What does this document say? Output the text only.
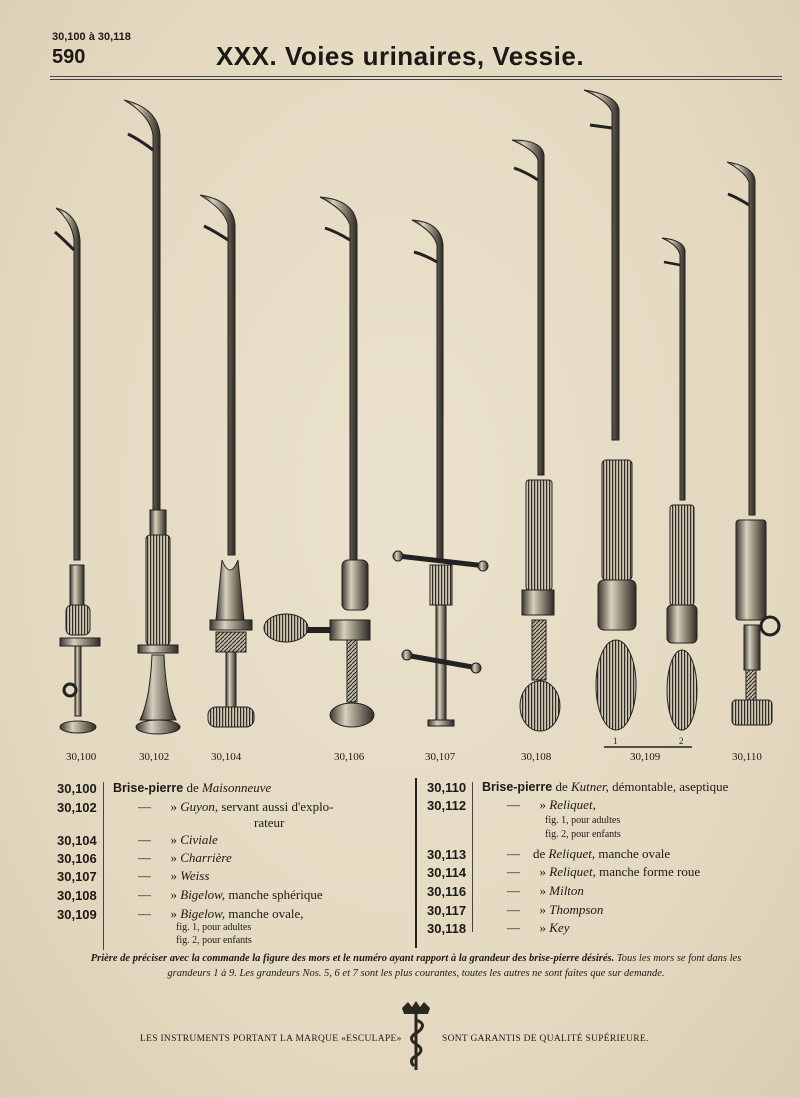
30,100 à 30,118
590	XXX. Voies urinaires, Vessie.
30,100	30,102	30,104	30,106	30,107	30,108
1	2
30,109	30,110
30,100 Brise-pierre de Maisonneuve
30,102	— » Guyon, servant aussi d'explo-
rateur
30,104	— » Civiale
30,106	— » Charrière
30,107	— » Weiss
30,108	— » Bigelow, manche sphérique
30,109	— » Bigelow, manche ovale,
fig. 1, pour adultes
fig. 2, pour enfants
30,110 Brise-pierre de Kutner, démontable, aseptique
30,112	— » Reliquet,
fig. 1, pour adultes
fig. 2, pour enfants
30,113	— de Reliquet, manche ovale
30,114	— » Reliquet, manche forme roue
30,116	— » Milton
30,117	— » Thompson
30,118	— » Key
Prière de préciser avec la commande la figure des mors et le numéro ayant rapport à la grandeur des brise-pierre désirés. Tous les mors se font dans les grandeurs 1 à 9. Les grandeurs Nos. 5, 6 et 7 sont les plus courantes, toutes les autres ne sont faites que sur demande.
LES INSTRUMENTS PORTANT LA MARQUE «ESCULAPE»	SONT GARANTIS DE QUALITÉ SUPÉRIEURE.
